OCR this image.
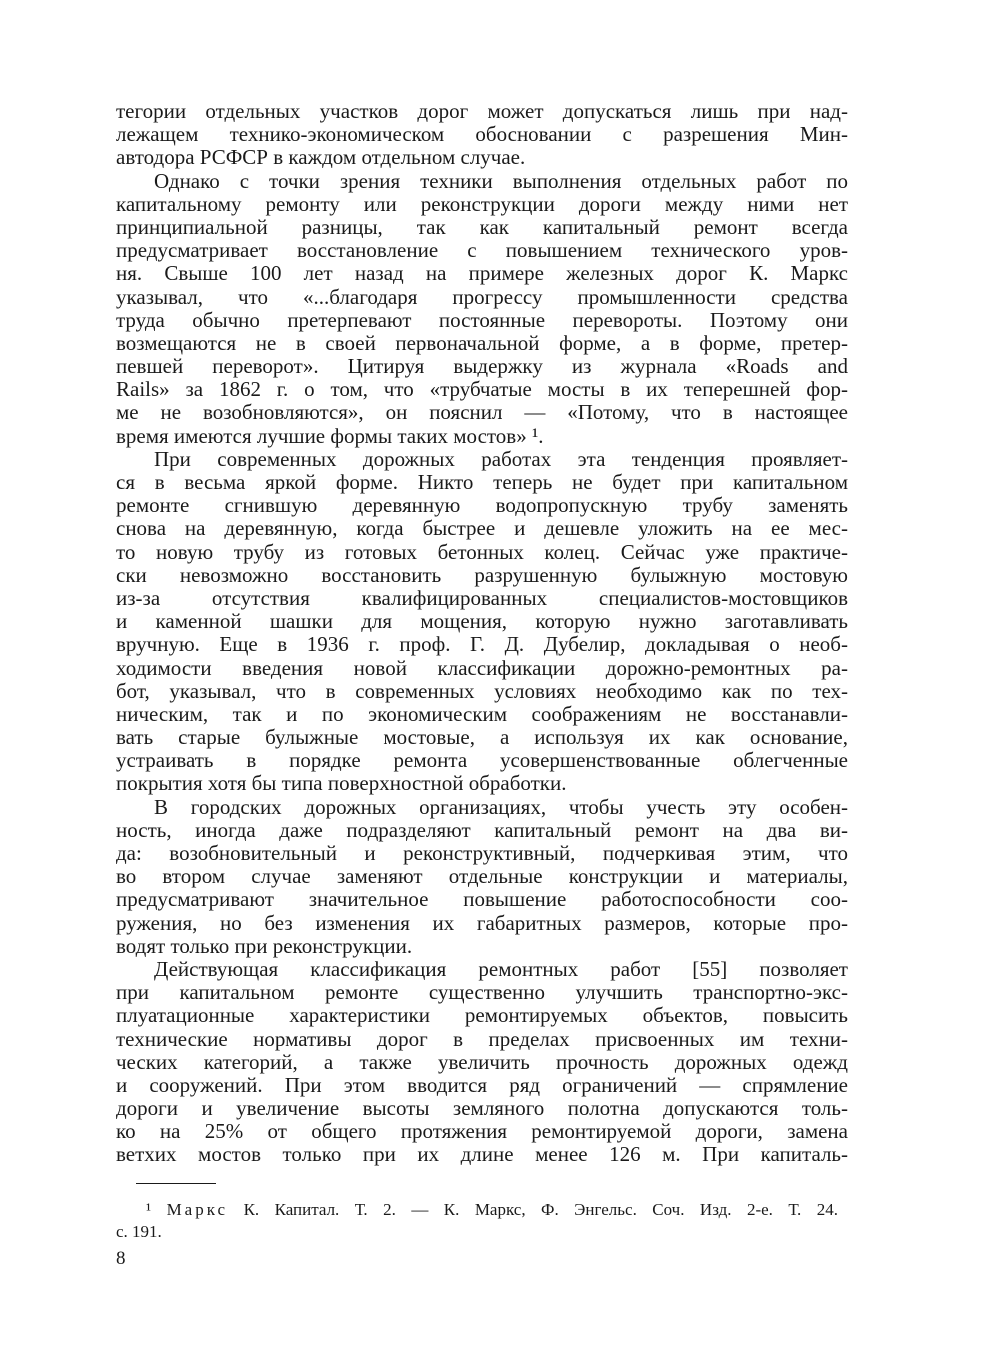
тегории отдельных участков дорог может допускаться лишь при над-
лежащем технико-экономическом обосновании с разрешения Мин-
автодора РСФСР в каждом отдельном случае.
Однако с точки зрения техники выполнения отдельных работ по
капитальному ремонту или реконструкции дороги между ними нет
принципиальной разницы, так как капитальный ремонт всегда
предусматривает восстановление с повышением технического уров-
ня. Свыше 100 лет назад на примере железных дорог К. Маркс
указывал, что «...благодаря прогрессу промышленности средства
труда обычно претерпевают постоянные перевороты. Поэтому они
возмещаются не в своей первоначальной форме, а в форме, претер-
певшей переворот». Цитируя выдержку из журнала «Roads and
Rails» за 1862 г. о том, что «трубчатые мосты в их теперешней фор-
ме не возобновляются», он пояснил — «Потому, что в настоящее
время имеются лучшие формы таких мостов» ¹.
При современных дорожных работах эта тенденция проявляет-
ся в весьма яркой форме. Никто теперь не будет при капитальном
ремонте сгнившую деревянную водопропускную трубу заменять
снова на деревянную, когда быстрее и дешевле уложить на ее мес-
то новую трубу из готовых бетонных колец. Сейчас уже практиче-
ски невозможно восстановить разрушенную булыжную мостовую
из-за отсутствия квалифицированных специалистов-мостовщиков
и каменной шашки для мощения, которую нужно заготавливать
вручную. Еще в 1936 г. проф. Г. Д. Дубелир, докладывая о необ-
ходимости введения новой классификации дорожно-ремонтных ра-
бот, указывал, что в современных условиях необходимо как по тех-
ническим, так и по экономическим соображениям не восстанавли-
вать старые булыжные мостовые, а используя их как основание,
устраивать в порядке ремонта усовершенствованные облегченные
покрытия хотя бы типа поверхностной обработки.
В городских дорожных организациях, чтобы учесть эту особен-
ность, иногда даже подразделяют капитальный ремонт на два ви-
да: возобновительный и реконструктивный, подчеркивая этим, что
во втором случае заменяют отдельные конструкции и материалы,
предусматривают значительное повышение работоспособности соо-
ружения, но без изменения их габаритных размеров, которые про-
водят только при реконструкции.
Действующая классификация ремонтных работ [55] позволяет
при капитальном ремонте существенно улучшить транспортно-экс-
плуатационные характеристики ремонтируемых объектов, повысить
технические нормативы дорог в пределах присвоенных им техни-
ческих категорий, а также увеличить прочность дорожных одежд
и сооружений. При этом вводится ряд ограничений — спрямление
дороги и увеличение высоты земляного полотна допускаются толь-
ко на 25% от общего протяжения ремонтируемой дороги, замена
ветхих мостов только при их длине менее 126 м. При капиталь-
¹ Маркс К. Капитал. Т. 2. — К. Маркс, Ф. Энгельс. Соч. Изд. 2-е. Т. 24.
с. 191.
8
